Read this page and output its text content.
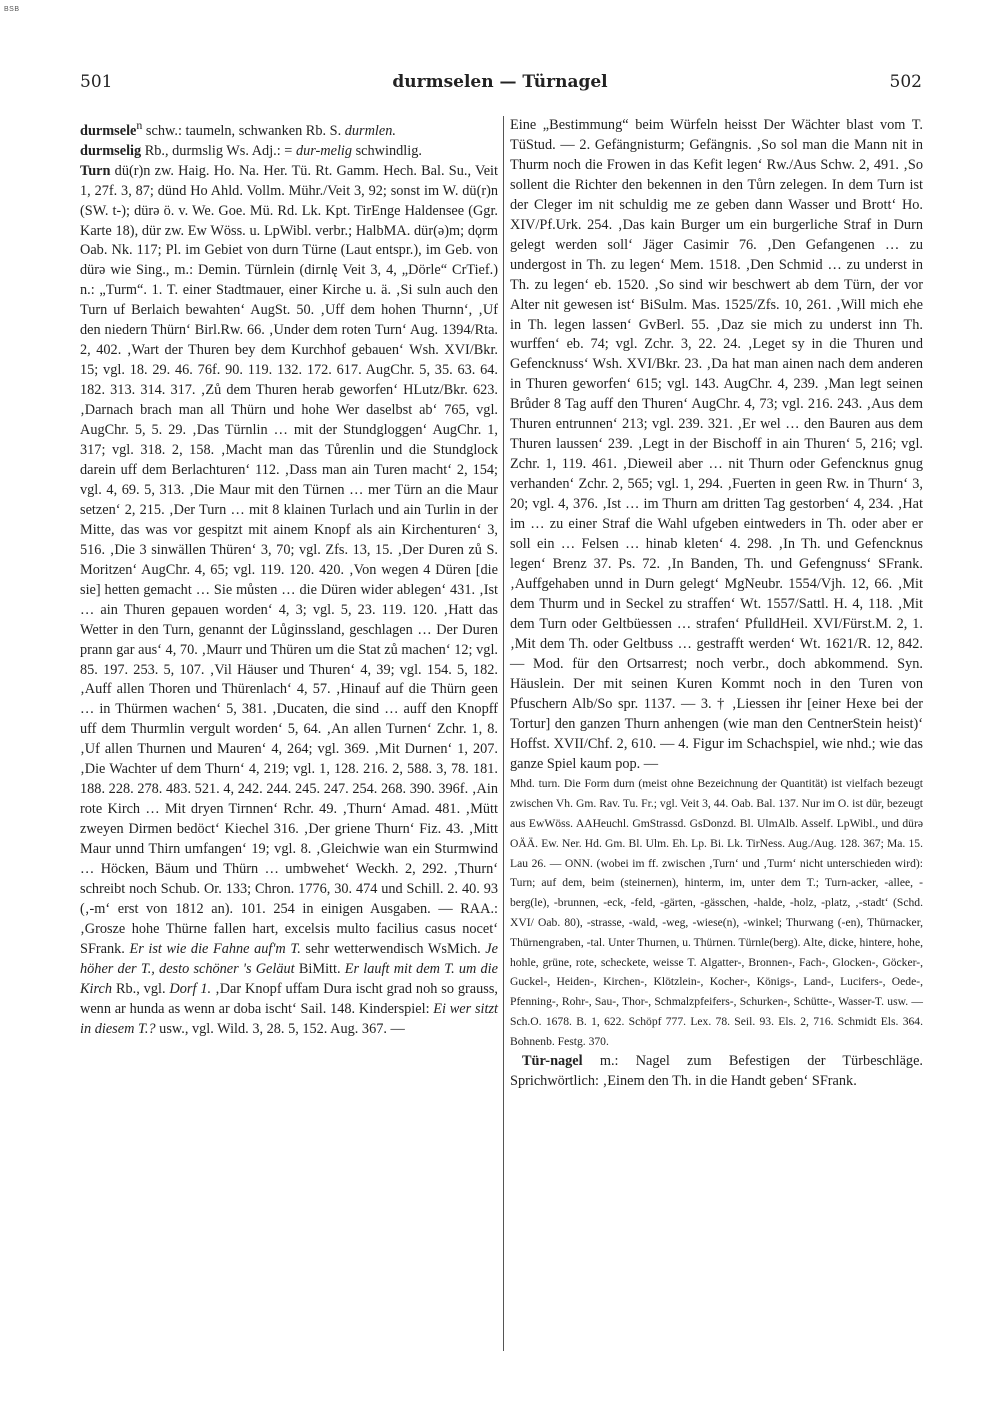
BSB
501	durmselen — Türnagel	502

durmsele$^n$ schw.: taumeln, schwanken Rb. S. durmlen.

durmselig Rb., durmslig Ws. Adj.: = dur-melig schwindlig.

Turn dü(r)n zw. Haig. Ho. Na. Her. Tü. Rt. Gamm. Hech. Bal. Su., Veit 1, 27f. 3, 87; dünd Ho Ahld. Vollm. Mühr./Veit 3, 92; sonst im W. dü(r)n (SW. t-); dürə ö. v. We. Goe. Mü. Rd. Lk. Kpt. TirEnge Haldensee (Ggr. Karte 18), dür zw. Ew Wöss. u. LpWibl. verbr.; HalbMA. dür(ə)m; dǫrm Oab. Nk. 117; Pl. im Gebiet von durn Türne (Laut entspr.), im Geb. von dürə wie Sing., m.: Demin. Türnlein (dirnlę Veit 3, 4, „Dörle“ CrTief.) n.: „Turm“. 1. T. einer Stadtmauer, einer Kirche u. ä. ‚Si suln auch den Turn uf Berlaich bewahten‘ AugSt. 50. ‚Uff dem hohen Thurnn‘, ‚Uf den niedern Thürn‘ Birl.Rw. 66. ‚Under dem roten Turn‘ Aug. 1394/Rta. 2, 402. ‚Wart der Thuren bey dem Kurchhof gebauen‘ Wsh. XVI/Bkr. 15; vgl. 18. 29. 46. 76f. 90. 119. 132. 172. 617. AugChr. 5, 35. 63. 64. 182. 313. 314. 317. ‚Zů dem Thuren herab geworfen‘ HLutz/Bkr. 623. ‚Darnach brach man all Thürn und hohe Wer daselbst ab‘ 765, vgl. AugChr. 5, 5. 29. ‚Das Türnlin … mit der Stundgloggen‘ AugChr. 1, 317; vgl. 318. 2, 158. ‚Macht man das Tůrenlin und die Stundglock darein uff dem Berlachturen‘ 112. ‚Dass man ain Turen macht‘ 2, 154; vgl. 4, 69. 5, 313. ‚Die Maur mit den Türnen … mer Türn an die Maur setzen‘ 2, 215. ‚Der Turn … mit 8 klainen Turlach und ain Turlin in der Mitte, das was vor gespitzt mit ainem Knopf als ain Kirchenturen‘ 3, 516. ‚Die 3 sinwällen Thüren‘ 3, 70; vgl. Zfs. 13, 15. ‚Der Duren zů S. Moritzen‘ AugChr. 4, 65; vgl. 119. 120. 420. ‚Von wegen 4 Düren [die sie] hetten gemacht … Sie můsten … die Düren wider ablegen‘ 431. ‚Ist … ain Thuren gepauen worden‘ 4, 3; vgl. 5, 23. 119. 120. ‚Hatt das Wetter in den Turn, genannt der Lůginssland, geschlagen … Der Duren prann gar aus‘ 4, 70. ‚Maurr und Thüren um die Stat zů machen‘ 12; vgl. 85. 197. 253. 5, 107. ‚Vil Häuser und Thuren‘ 4, 39; vgl. 154. 5, 182. ‚Auff allen Thoren und Thürenlach‘ 4, 57. ‚Hinauf auf die Thürn geen … in Thürmen wachen‘ 5, 381. ‚Ducaten, die sind … auff den Knopff uff dem Thurmlin vergult worden‘ 5, 64. ‚An allen Turnen‘ Zchr. 1, 8. ‚Uf allen Thurnen und Mauren‘ 4, 264; vgl. 369. ‚Mit Durnen‘ 1, 207. ‚Die Wachter uf dem Thurn‘ 4, 219; vgl. 1, 128. 216. 2, 588. 3, 78. 181. 188. 228. 278. 483. 521. 4, 242. 244. 245. 247. 254. 268. 390. 396f. ‚Ain rote Kirch … Mit dryen Tirnnen‘ Rchr. 49. ‚Thurn‘ Amad. 481. ‚Mütt zweyen Dirmen bedöct‘ Kiechel 316. ‚Der griene Thurn‘ Fiz. 43. ‚Mitt Maur unnd Thirn umfangen‘ 19; vgl. 8. ‚Gleichwie wan ein Sturmwind … Höcken, Bäum und Thürn … umbwehet‘ Weckh. 2, 292. ‚Thurn‘ schreibt noch Schub. Or. 133; Chron. 1776, 30. 474 und Schill. 2. 40. 93 (‚-m‘ erst von 1812 an). 101. 254 in einigen Ausgaben. — RAA.: ‚Grosze hohe Thürne fallen hart, excelsis multo facilius casus nocet‘ SFrank. Er ist wie die Fahne auf'm T. sehr wetterwendisch WsMich. Je höher der T., desto schöner 's Geläut BiMitt. Er lauft mit dem T. um die Kirch Rb., vgl. Dorf 1. ‚Dar Knopf uffam Dura ischt grad noh so grauss, wenn ar hunda as wenn ar doba ischt‘ Sail. 148. Kinderspiel: Ei wer sitzt in diesem T.? usw., vgl. Wild. 3, 28. 5, 152. Aug. 367. —

Eine „Bestimmung“ beim Würfeln heisst Der Wächter blast vom T. TüStud. — 2. Gefängnisturm; Gefängnis. ‚So sol man die Mann nit in Thurm noch die Frowen in das Kefit legen‘ Rw./Aus Schw. 2, 491. ‚So sollent die Richter den bekennen in den Tůrn zelegen. In dem Turn ist der Cleger im nit schuldig me ze geben dann Wasser und Brott‘ Ho. XIV/Pf.Urk. 254. ‚Das kain Burger um ein burgerliche Straf in Durn gelegt werden soll‘ Jäger Casimir 76. ‚Den Gefangenen … zu undergost in Th. zu legen‘ Mem. 1518. ‚Den Schmid … zu underst in Th. zu legen‘ eb. 1520. ‚So sind wir beschwert ab dem Türn, der vor Alter nit gewesen ist‘ BiSulm. Mas. 1525/Zfs. 10, 261. ‚Will mich ehe in Th. legen lassen‘ GvBerl. 55. ‚Daz sie mich zu underst inn Th. wurffen‘ eb. 74; vgl. Zchr. 3, 22. 24. ‚Leget sy in die Thuren und Gefencknuss‘ Wsh. XVI/Bkr. 23. ‚Da hat man ainen nach dem anderen in Thuren geworfen‘ 615; vgl. 143. AugChr. 4, 239. ‚Man legt seinen Brůder 8 Tag auff den Thuren‘ AugChr. 4, 73; vgl. 216. 243. ‚Aus dem Thuren entrunnen‘ 213; vgl. 239. 321. ‚Er wel … den Bauren aus dem Thuren laussen‘ 239. ‚Legt in der Bischoff in ain Thuren‘ 5, 216; vgl. Zchr. 1, 119. 461. ‚Dieweil aber … nit Thurn oder Gefencknus gnug verhanden‘ Zchr. 2, 565; vgl. 1, 294. ‚Fuerten in geen Rw. in Thurn‘ 3, 20; vgl. 4, 376. ‚Ist … im Thurn am dritten Tag gestorben‘ 4, 234. ‚Hat im … zu einer Straf die Wahl ufgeben eintweders in Th. oder aber er soll ein … Felsen … hinab kleten‘ 4. 298. ‚In Th. und Gefencknus legen‘ Brenz 37. Ps. 72. ‚In Banden, Th. und Gefengnuss‘ SFrank. ‚Auffgehaben unnd in Durn gelegt‘ MgNeubr. 1554/Vjh. 12, 66. ‚Mit dem Thurm und in Seckel zu straffen‘ Wt. 1557/Sattl. H. 4, 118. ‚Mit dem Turn oder Geltbüessen … strafen‘ PfulldHeil. XVI/Fürst.M. 2, 1. ‚Mit dem Th. oder Geltbuss … gestrafft werden‘ Wt. 1621/R. 12, 842. — Mod. für den Ortsarrest; noch verbr., doch abkommend. Syn. Häuslein. Der mit seinen Kuren Kommt noch in den Turen von Pfuschern Alb/So spr. 1137. — 3. † ‚Liessen ihr [einer Hexe bei der Tortur] den ganzen Thurn anhengen (wie man den CentnerStein heist)‘ Hoffst. XVII/Chf. 2, 610. — 4. Figur im Schachspiel, wie nhd.; wie das ganze Spiel kaum pop. —

Mhd. turn. Die Form durn (meist ohne Bezeichnung der Quantität) ist vielfach bezeugt zwischen Vh. Gm. Rav. Tu. Fr.; vgl. Veit 3, 44. Oab. Bal. 137. Nur im O. ist dür, bezeugt aus EwWöss. AAHeuchl. GmStrassd. GsDonzd. Bl. UlmAlb. Asself. LpWibl., und dürə OÄÄ. Ew. Ner. Hd. Gm. Bl. Ulm. Eh. Lp. Bi. Lk. TirNess. Aug./Aug. 128. 367; Ma. 15. Lau 26. — ONN. (wobei im ff. zwischen ‚Turn‘ und ‚Turm‘ nicht unterschieden wird): Turn; auf dem, beim (steinernen), hinterm, im, unter dem T.; Turn-acker, -allee, -berg(le), -brunnen, -eck, -feld, -gärten, -gässchen, -halde, -holz, -platz, ‚-stadt‘ (Schd. XVI/ Oab. 80), -strasse, -wald, -weg, -wiese(n), -winkel; Thurwang (-en), Thürnacker, Thürnengraben, -tal. Unter Thurnen, u. Thürnen. Türnle(berg). Alte, dicke, hintere, hohe, hohle, grüne, rote, scheckete, weisse T. Algatter-, Bronnen-, Fach-, Glocken-, Göcker-, Guckel-, Heiden-, Kirchen-, Klötzlein-, Kocher-, Königs-, Land-, Lucifers-, Oede-, Pfenning-, Rohr-, Sau-, Thor-, Schmalzpfeifers-, Schurken-, Schütte-, Wasser-T. usw. — Sch.O. 1678. B. 1, 622. Schöpf 777. Lex. 78. Seil. 93. Els. 2, 716. Schmidt Els. 364. Bohnenb. Festg. 370.

Tür-nagel m.: Nagel zum Befestigen der Türbeschläge. Sprichwörtlich: ‚Einem den Th. in die Handt geben‘ SFrank.
